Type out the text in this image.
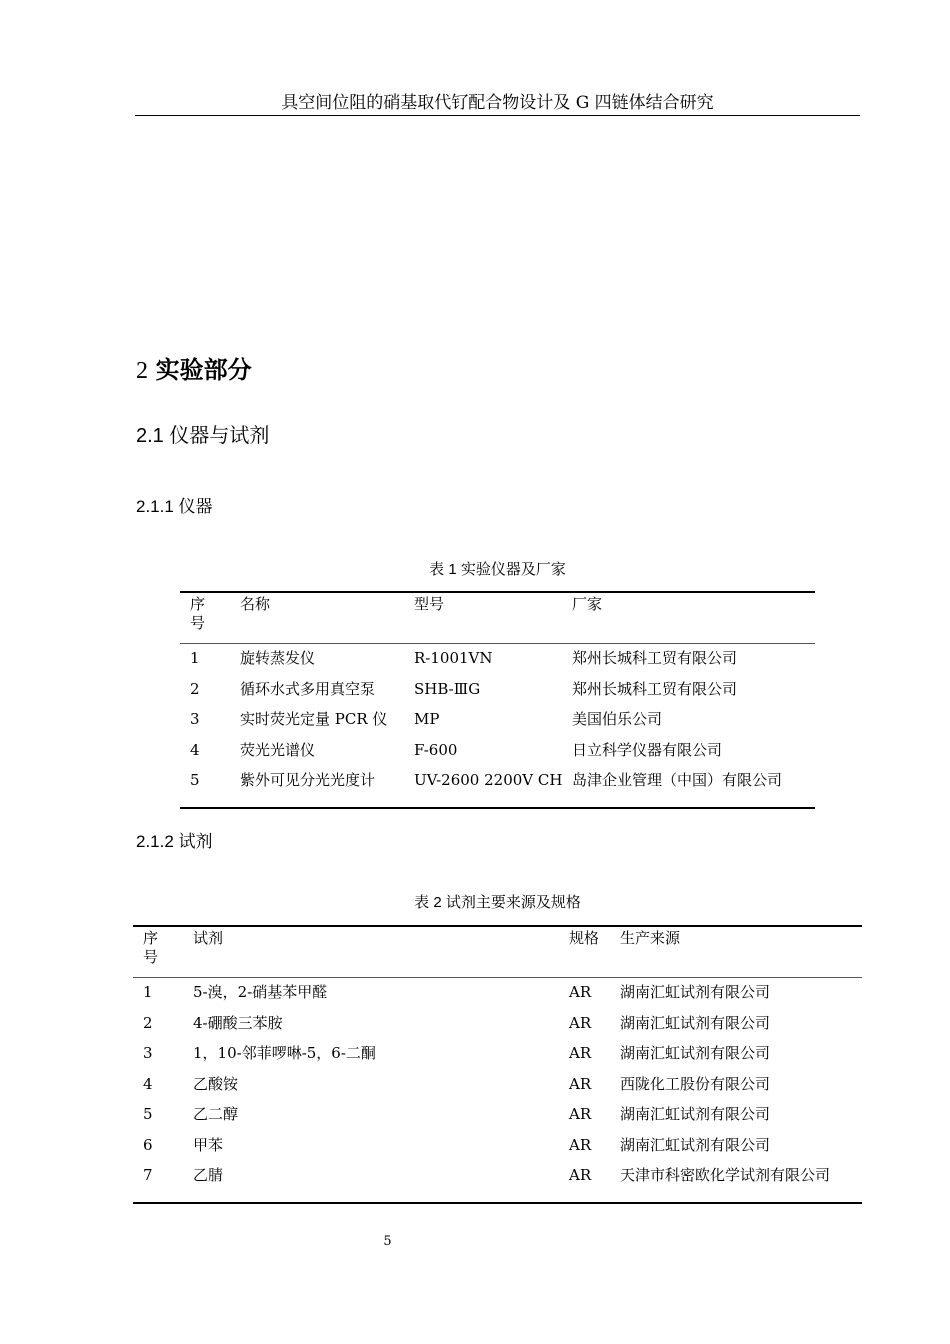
具空间位阻的硝基取代钌配合物设计及 G 四链体结合研究
2 实验部分
2.1 仪器与试剂
2.1.1 仪器
表 1 实验仪器及厂家
序号	名称	型号	厂家
1	旋转蒸发仪	R-1001VN	郑州长城科工贸有限公司
2	循环水式多用真空泵	SHB-ⅢG	郑州长城科工贸有限公司
3	实时荧光定量 PCR 仪	MP	美国伯乐公司
4	荧光光谱仪	F-600	日立科学仪器有限公司
5	紫外可见分光光度计	UV-2600 2200V CH	岛津企业管理（中国）有限公司
2.1.2 试剂
表 2 试剂主要来源及规格
序号	试剂	规格	生产来源
1	5-溴，2-硝基苯甲醛	AR	湖南汇虹试剂有限公司
2	4-硼酸三苯胺	AR	湖南汇虹试剂有限公司
3	1，10-邻菲啰啉-5，6-二酮	AR	湖南汇虹试剂有限公司
4	乙酸铵	AR	西陇化工股份有限公司
5	乙二醇	AR	湖南汇虹试剂有限公司
6	甲苯	AR	湖南汇虹试剂有限公司
7	乙腈	AR	天津市科密欧化学试剂有限公司
5
